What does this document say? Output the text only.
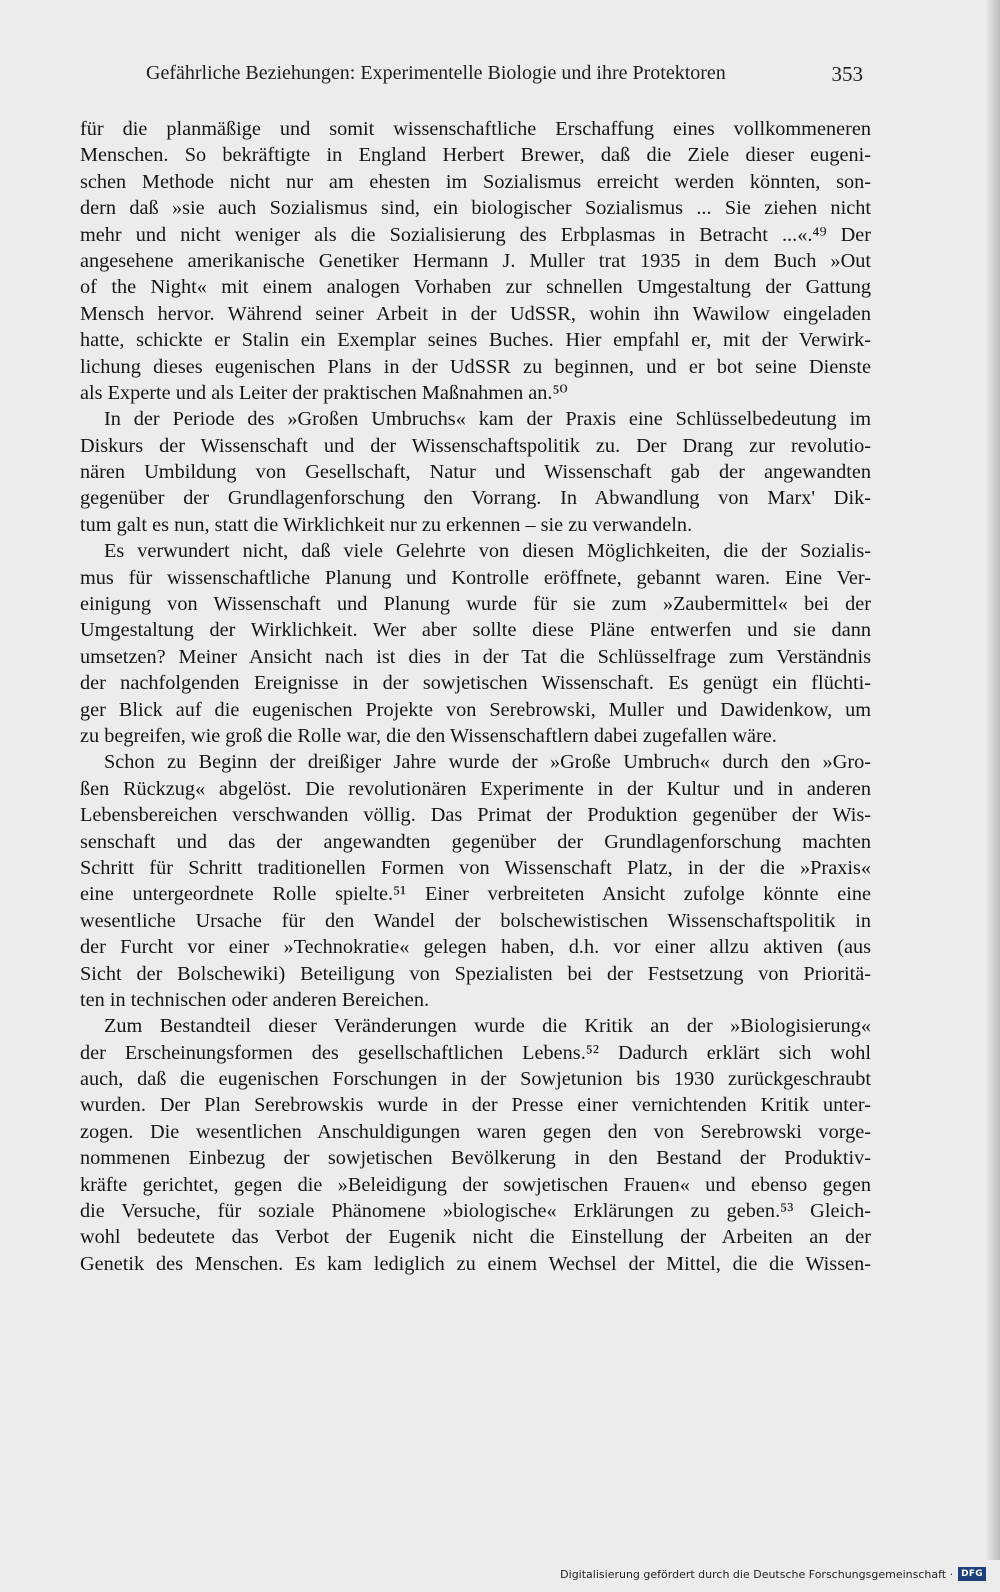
Gefährliche Beziehungen: Experimentelle Biologie und ihre Protektoren	353
für die planmäßige und somit wissenschaftliche Erschaffung eines vollkommeneren
Menschen. So bekräftigte in England Herbert Brewer, daß die Ziele dieser eugeni-
schen Methode nicht nur am ehesten im Sozialismus erreicht werden könnten, son-
dern daß »sie auch Sozialismus sind, ein biologischer Sozialismus ... Sie ziehen nicht
mehr und nicht weniger als die Sozialisierung des Erbplasmas in Betracht ...«.⁴⁹ Der
angesehene amerikanische Genetiker Hermann J. Muller trat 1935 in dem Buch »Out
of the Night« mit einem analogen Vorhaben zur schnellen Umgestaltung der Gattung
Mensch hervor. Während seiner Arbeit in der UdSSR, wohin ihn Wawilow eingeladen
hatte, schickte er Stalin ein Exemplar seines Buches. Hier empfahl er, mit der Verwirk-
lichung dieses eugenischen Plans in der UdSSR zu beginnen, und er bot seine Dienste
als Experte und als Leiter der praktischen Maßnahmen an.⁵⁰
In der Periode des »Großen Umbruchs« kam der Praxis eine Schlüsselbedeutung im
Diskurs der Wissenschaft und der Wissenschaftspolitik zu. Der Drang zur revolutio-
nären Umbildung von Gesellschaft, Natur und Wissenschaft gab der angewandten
gegenüber der Grundlagenforschung den Vorrang. In Abwandlung von Marx' Dik-
tum galt es nun, statt die Wirklichkeit nur zu erkennen – sie zu verwandeln.
Es verwundert nicht, daß viele Gelehrte von diesen Möglichkeiten, die der Sozialis-
mus für wissenschaftliche Planung und Kontrolle eröffnete, gebannt waren. Eine Ver-
einigung von Wissenschaft und Planung wurde für sie zum »Zaubermittel« bei der
Umgestaltung der Wirklichkeit. Wer aber sollte diese Pläne entwerfen und sie dann
umsetzen? Meiner Ansicht nach ist dies in der Tat die Schlüsselfrage zum Verständnis
der nachfolgenden Ereignisse in der sowjetischen Wissenschaft. Es genügt ein flüchti-
ger Blick auf die eugenischen Projekte von Serebrowski, Muller und Dawidenkow, um
zu begreifen, wie groß die Rolle war, die den Wissenschaftlern dabei zugefallen wäre.
Schon zu Beginn der dreißiger Jahre wurde der »Große Umbruch« durch den »Gro-
ßen Rückzug« abgelöst. Die revolutionären Experimente in der Kultur und in anderen
Lebensbereichen verschwanden völlig. Das Primat der Produktion gegenüber der Wis-
senschaft und das der angewandten gegenüber der Grundlagenforschung machten
Schritt für Schritt traditionellen Formen von Wissenschaft Platz, in der die »Praxis«
eine untergeordnete Rolle spielte.⁵¹ Einer verbreiteten Ansicht zufolge könnte eine
wesentliche Ursache für den Wandel der bolschewistischen Wissenschaftspolitik in
der Furcht vor einer »Technokratie« gelegen haben, d.h. vor einer allzu aktiven (aus
Sicht der Bolschewiki) Beteiligung von Spezialisten bei der Festsetzung von Prioritä-
ten in technischen oder anderen Bereichen.
Zum Bestandteil dieser Veränderungen wurde die Kritik an der »Biologisierung«
der Erscheinungsformen des gesellschaftlichen Lebens.⁵² Dadurch erklärt sich wohl
auch, daß die eugenischen Forschungen in der Sowjetunion bis 1930 zurückgeschraubt
wurden. Der Plan Serebrowskis wurde in der Presse einer vernichtenden Kritik unter-
zogen. Die wesentlichen Anschuldigungen waren gegen den von Serebrowski vorge-
nommenen Einbezug der sowjetischen Bevölkerung in den Bestand der Produktiv-
kräfte gerichtet, gegen die »Beleidigung der sowjetischen Frauen« und ebenso gegen
die Versuche, für soziale Phänomene »biologische« Erklärungen zu geben.⁵³ Gleich-
wohl bedeutete das Verbot der Eugenik nicht die Einstellung der Arbeiten an der
Genetik des Menschen. Es kam lediglich zu einem Wechsel der Mittel, die die Wissen-
Digitalisierung gefördert durch die Deutsche Forschungsgemeinschaft · DFG
